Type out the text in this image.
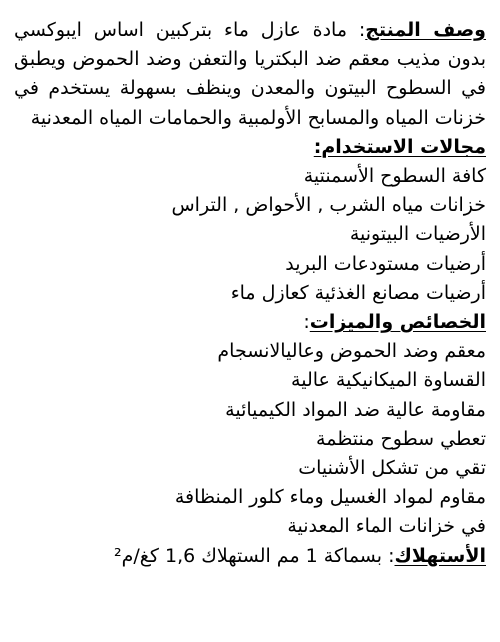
وصف المنتج: مادة عازل ماء بتركبين اساس ايبوكسي بدون مذيب معقم ضد البكتريا والتعفن وضد الحموض ويطبق في السطوح البيتون والمعدن وينظف بسهولة يستخدم في خزنات المياه والمسابح الأولمبية والحمامات المياه المعدنية
مجالات الاستخدام:
كافة السطوح الأسمنتية
خزانات مياه الشرب , الأحواض , التراس
الأرضيات البيتونية
أرضيات مستودعات البريد
أرضيات مصانع الغذئية كعازل ماء
الخصائص والميزات:
معقم وضد الحموض وعاليالانسجام
القساوة الميكانيكية عالية
مقاومة عالية ضد المواد الكيميائية
تعطي سطوح منتظمة
تقي من تشكل الأشنيات
مقاوم لمواد الغسيل وماء كلور المنظافة
في خزانات الماء المعدنية
الأستهلاك: بسماكة 1 مم الستهلاك 1,6 كغ/م²
